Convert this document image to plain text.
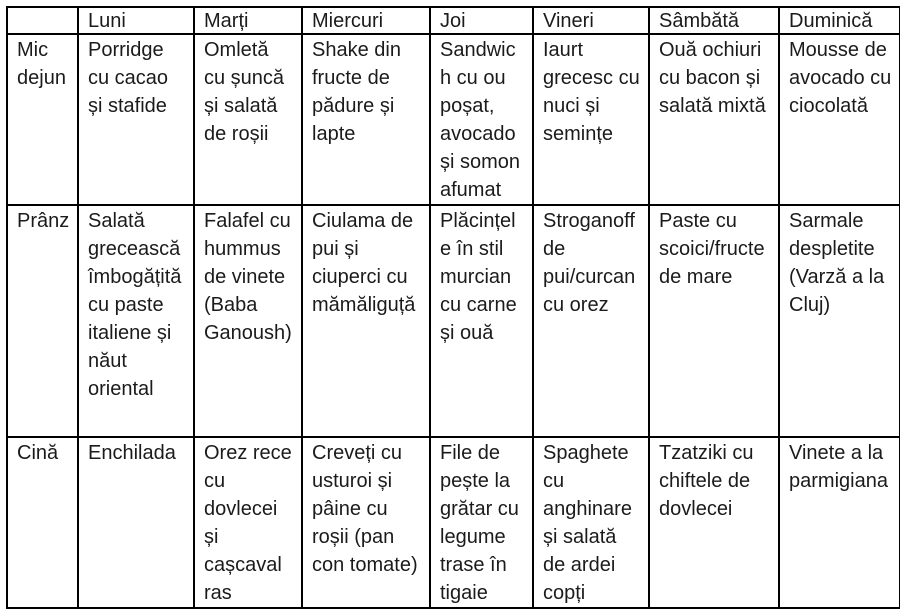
	Luni	Marți	Miercuri	Joi	Vineri	Sâmbătă	Duminică
Mic dejun	Porridge cu cacao și stafide	Omletă cu șuncă și salată de roșii	Shake din fructe de pădure și lapte	Sandwich cu ou poșat, avocado și somon afumat	Iaurt grecesc cu nuci și semințe	Ouă ochiuri cu bacon și salată mixtă	Mousse de avocado cu ciocolată
Prânz	Salată grecească îmbogățită cu paste italiene și năut oriental	Falafel cu hummus de vinete (Baba Ganoush)	Ciulama de pui și ciuperci cu mămăliguță	Plăcințele în stil murcian cu carne și ouă	Stroganoff de pui/curcan cu orez	Paste cu scoici/fructe de mare	Sarmale despletite (Varză a la Cluj)
Cină	Enchilada	Orez rece cu dovlecei și cașcaval ras	Creveți cu usturoi și pâine cu roșii (pan con tomate)	File de pește la grătar cu legume trase în tigaie	Spaghete cu anghinare și salată de ardei copți	Tzatziki cu chiftele de dovlecei	Vinete a la parmigiana
